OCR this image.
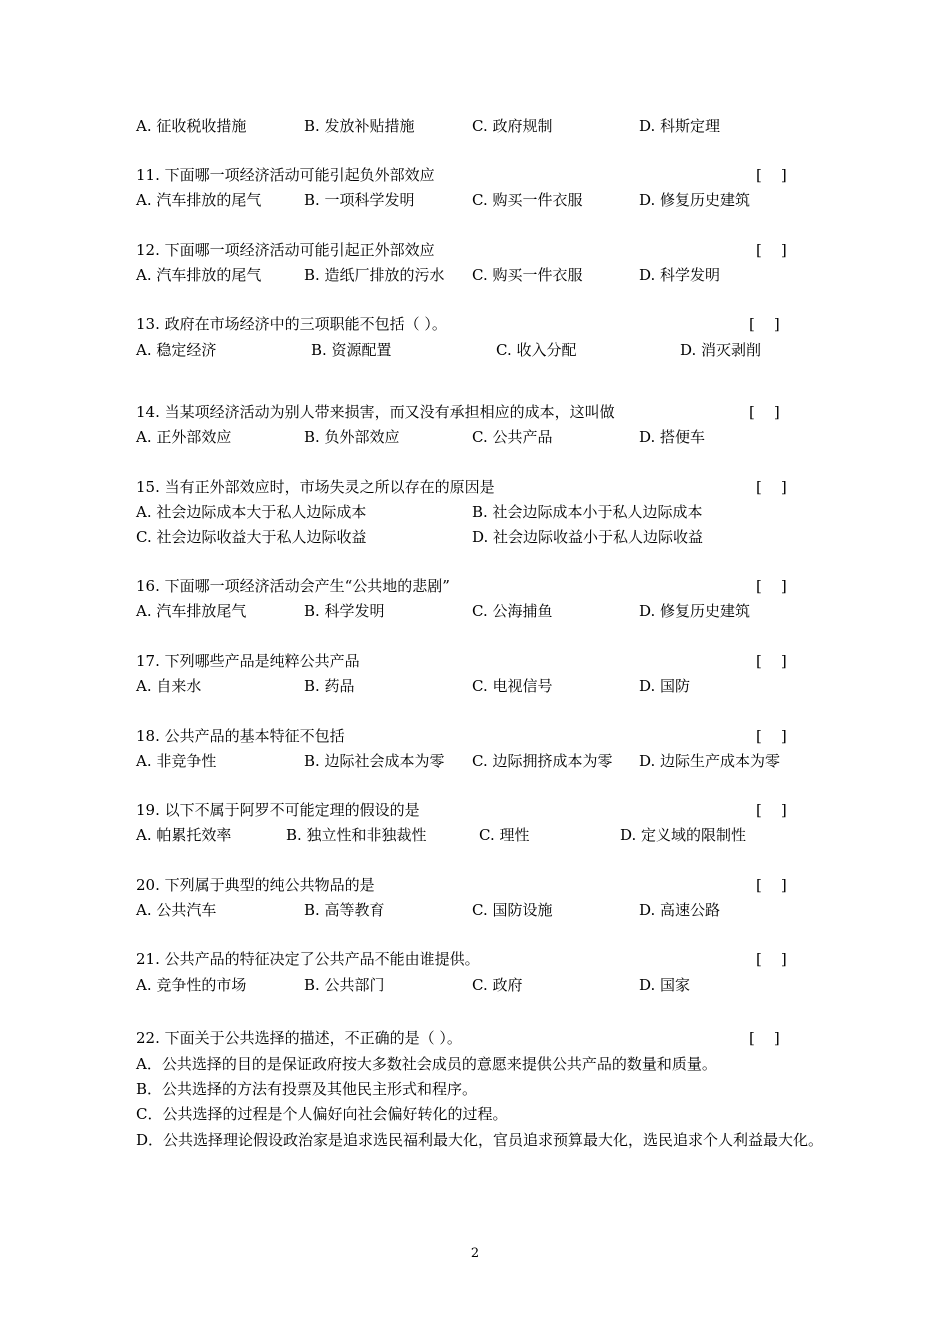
A. 征收税收措施	B. 发放补贴措施	C. 政府规制	D. 科斯定理
11. 下面哪一项经济活动可能引起负外部效应	[    ]
A. 汽车排放的尾气	B. 一项科学发明	C. 购买一件衣服	D. 修复历史建筑
12. 下面哪一项经济活动可能引起正外部效应	[    ]
A. 汽车排放的尾气	B. 造纸厂排放的污水 C. 购买一件衣服	D. 科学发明
13. 政府在市场经济中的三项职能不包括（ ）。	[    ]
A. 稳定经济	B. 资源配置	C. 收入分配	D. 消灭剥削
14. 当某项经济活动为别人带来损害，而又没有承担相应的成本，这叫做	[    ]
A. 正外部效应	B. 负外部效应	C. 公共产品	D. 搭便车
15. 当有正外部效应时，市场失灵之所以存在的原因是	[    ]
A. 社会边际成本大于私人边际成本	B. 社会边际成本小于私人边际成本
C. 社会边际收益大于私人边际收益	D. 社会边际收益小于私人边际收益
16. 下面哪一项经济活动会产生“公共地的悲剧”	[    ]
A. 汽车排放尾气	B. 科学发明	C. 公海捕鱼	D. 修复历史建筑
17. 下列哪些产品是纯粹公共产品	[    ]
A. 自来水	B. 药品	C. 电视信号	D. 国防
18. 公共产品的基本特征不包括	[    ]
A. 非竞争性	B. 边际社会成本为零 C. 边际拥挤成本为零 D. 边际生产成本为零
19. 以下不属于阿罗不可能定理的假设的是	[    ]
A. 帕累托效率	B. 独立性和非独裁性	C. 理性	D. 定义域的限制性
20. 下列属于典型的纯公共物品的是	[    ]
A. 公共汽车	B. 高等教育	C. 国防设施	D. 高速公路
21. 公共产品的特征决定了公共产品不能由谁提供。	[    ]
A. 竞争性的市场	B. 公共部门	C. 政府	D. 国家
22. 下面关于公共选择的描述，不正确的是（ ）。	[    ]
A．公共选择的目的是保证政府按大多数社会成员的意愿来提供公共产品的数量和质量。
B．公共选择的方法有投票及其他民主形式和程序。
C．公共选择的过程是个人偏好向社会偏好转化的过程。
D．公共选择理论假设政治家是追求选民福利最大化，官员追求预算最大化，选民追求个人利益最大化。
2
